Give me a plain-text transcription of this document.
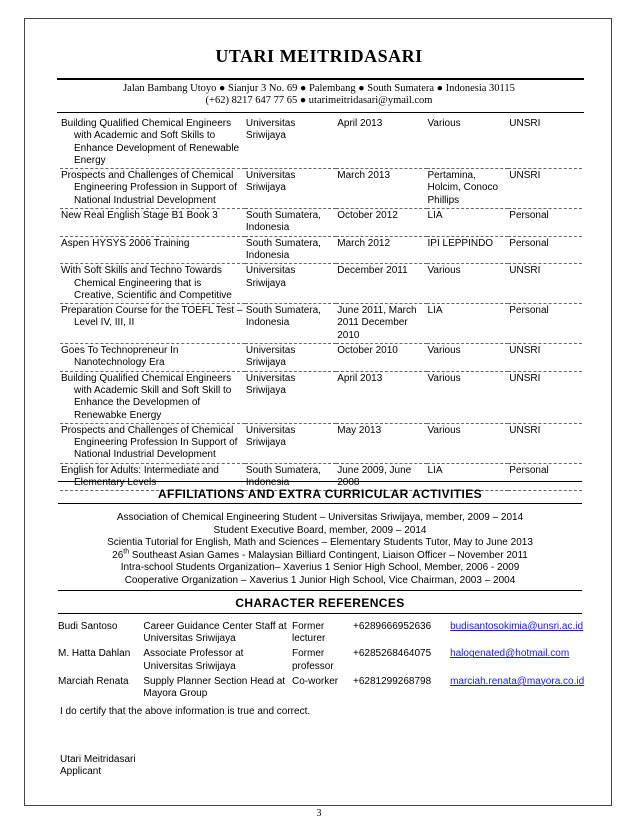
UTARI MEITRIDASARI
Jalan Bambang Utoyo ● Sianjur 3 No. 69 ● Palembang ● South Sumatera ● Indonesia 30115
(+62) 8217 647 77 65 ● utarimeitridasari@ymail.com
Building Qualified Chemical Engineers with Academic and Soft Skills to Enhance Development of Renewable Energy	Universitas Sriwijaya	April 2013	Various	UNSRI

Prospects and Challenges of Chemical Engineering Profession in Support of National Industrial Development	Universitas Sriwijaya	March 2013	Pertamina, Holcim, Conoco Phillips	UNSRI

New Real English Stage B1 Book 3	South Sumatera, Indonesia	October 2012	LIA	Personal

Aspen HYSYS 2006 Training	South Sumatera, Indonesia	March 2012	IPI LEPPINDO	Personal

With Soft Skills and Techno Towards Chemical Engineering that is Creative, Scientific and Competitive	Universitas Sriwijaya	December 2011	Various	UNSRI

Preparation Course for the TOEFL Test – Level IV, III, II	South Sumatera, Indonesia	June 2011, March 2011 December 2010	LIA	Personal

Goes To Technopreneur In Nanotechnology Era	Universitas Sriwijaya	October 2010	Various	UNSRI

Building Qualified Chemical Engineers with Academic Skill and Soft Skill to Enhance the Developmen of Renewabke Energy	Universitas Sriwijaya	April 2013	Various	UNSRI

Prospects and Challenges of Chemical Engineering Profession In Support of National Industrial Development	Universitas Sriwijaya	May 2013	Various	UNSRI

English for Adults: Intermediate and Elementary Levels	South Sumatera, Indonesia	June 2009, June 2008	LIA	Personal
AFFILIATIONS AND EXTRA CURRICULAR ACTIVITIES
Association of Chemical Engineering Student – Universitas Sriwijaya, member, 2009 – 2014
Student Executive Board, member, 2009 – 2014
Scientia Tutorial for English, Math and Sciences – Elementary Students Tutor, May to June 2013
26th Southeast Asian Games - Malaysian Billiard Contingent, Liaison Officer – November 2011
Intra-school Students Organization– Xaverius 1 Senior High School, Member, 2006 - 2009
Cooperative Organization – Xaverius 1 Junior High School, Vice Chairman, 2003 – 2004
CHARACTER REFERENCES
Budi Santoso	Career Guidance Center Staff at Universitas Sriwijaya	Former lecturer	+6289666952636	budisantosokimia@unsri.ac.id
M. Hatta Dahlan	Associate Professor at Universitas Sriwijaya	Former professor	+6285268464075	halogenated@hotmail.com
Marciah Renata	Supply Planner Section Head at Mayora Group	Co-worker	+6281299268798	marciah.renata@mayora.co.id
I do certify that the above information is true and correct.
Utari Meitridasari
Applicant
3
